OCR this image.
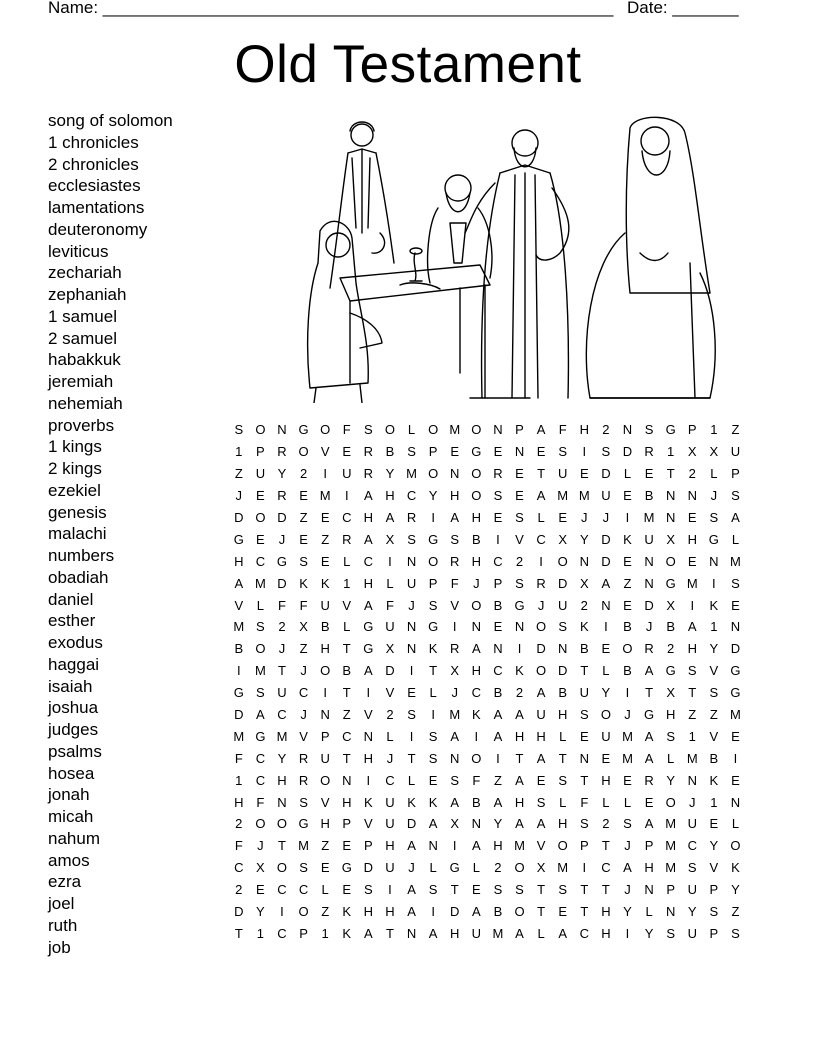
Name: ______________________________________________________ Date: _______
Old Testament
song of solomon
1 chronicles
2 chronicles
ecclesiastes
lamentations
deuteronomy
leviticus
zechariah
zephaniah
1 samuel
2 samuel
habakkuk
jeremiah
nehemiah
proverbs
1 kings
2 kings
ezekiel
genesis
malachi
numbers
obadiah
daniel
esther
exodus
haggai
isaiah
joshua
judges
psalms
hosea
jonah
micah
nahum
amos
ezra
joel
ruth
job
S	O	N	G	O	F	S	O	L	O	M	O	N	P	A	F	H	2	N	S	G	P	1	Z
1	P	R	O	V	E	R	B	S	P	E	G	E	N	E	S	I	S	D	R	1	X	X	U
Z	U	Y	2	I	U	R	Y	M	O	N	O	R	E	T	U	E	D	L	E	T	2	L	P
J	E	R	E	M	I	A	H	C	Y	H	O	S	E	A	M	M	U	E	B	N	N	J	S
D	O	D	Z	E	C	H	A	R	I	A	H	E	S	L	E	J	J	I	M	N	E	S	A
G	E	J	E	Z	R	A	X	S	G	S	B	I	V	C	X	Y	D	K	U	X	H	G	L
H	C	G	S	E	L	C	I	N	O	R	H	C	2	I	O	N	D	E	N	O	E	N	M
A	M	D	K	K	1	H	L	U	P	F	J	P	S	R	D	X	A	Z	N	G	M	I	S
V	L	F	F	U	V	A	F	J	S	V	O	B	G	J	U	2	N	E	D	X	I	K	E
M	S	2	X	B	L	G	U	N	G	I	N	E	N	O	S	K	I	B	J	B	A	1	N
B	O	J	Z	H	T	G	X	N	K	R	A	N	I	D	N	B	E	O	R	2	H	Y	D
I	M	T	J	O	B	A	D	I	T	X	H	C	K	O	D	T	L	B	A	G	S	V	G
G	S	U	C	I	T	I	V	E	L	J	C	B	2	A	B	U	Y	I	T	X	T	S	G
D	A	C	J	N	Z	V	2	S	I	M	K	A	A	U	H	S	O	J	G	H	Z	Z	M
M	G	M	V	P	C	N	L	I	S	A	I	A	H	H	L	E	U	M	A	S	1	V	E
F	C	Y	R	U	T	H	J	T	S	N	O	I	T	A	T	N	E	M	A	L	M	B	I
1	C	H	R	O	N	I	C	L	E	S	F	Z	A	E	S	T	H	E	R	Y	N	K	E
H	F	N	S	V	H	K	U	K	K	A	B	A	H	S	L	F	L	L	E	O	J	1	N
2	O	O	G	H	P	V	U	D	A	X	N	Y	A	A	H	S	2	S	A	M	U	E	L
F	J	T	M	Z	E	P	H	A	N	I	A	H	M	V	O	P	T	J	P	M	C	Y	O
C	X	O	S	E	G	D	U	J	L	G	L	2	O	X	M	I	C	A	H	M	S	V	K
2	E	C	C	L	E	S	I	A	S	T	E	S	S	T	S	T	T	J	N	P	U	P	Y
D	Y	I	O	Z	K	H	H	A	I	D	A	B	O	T	E	T	H	Y	L	N	Y	S	Z
T	1	C	P	1	K	A	T	N	A	H	U	M	A	L	A	C	H	I	Y	S	U	P	S
